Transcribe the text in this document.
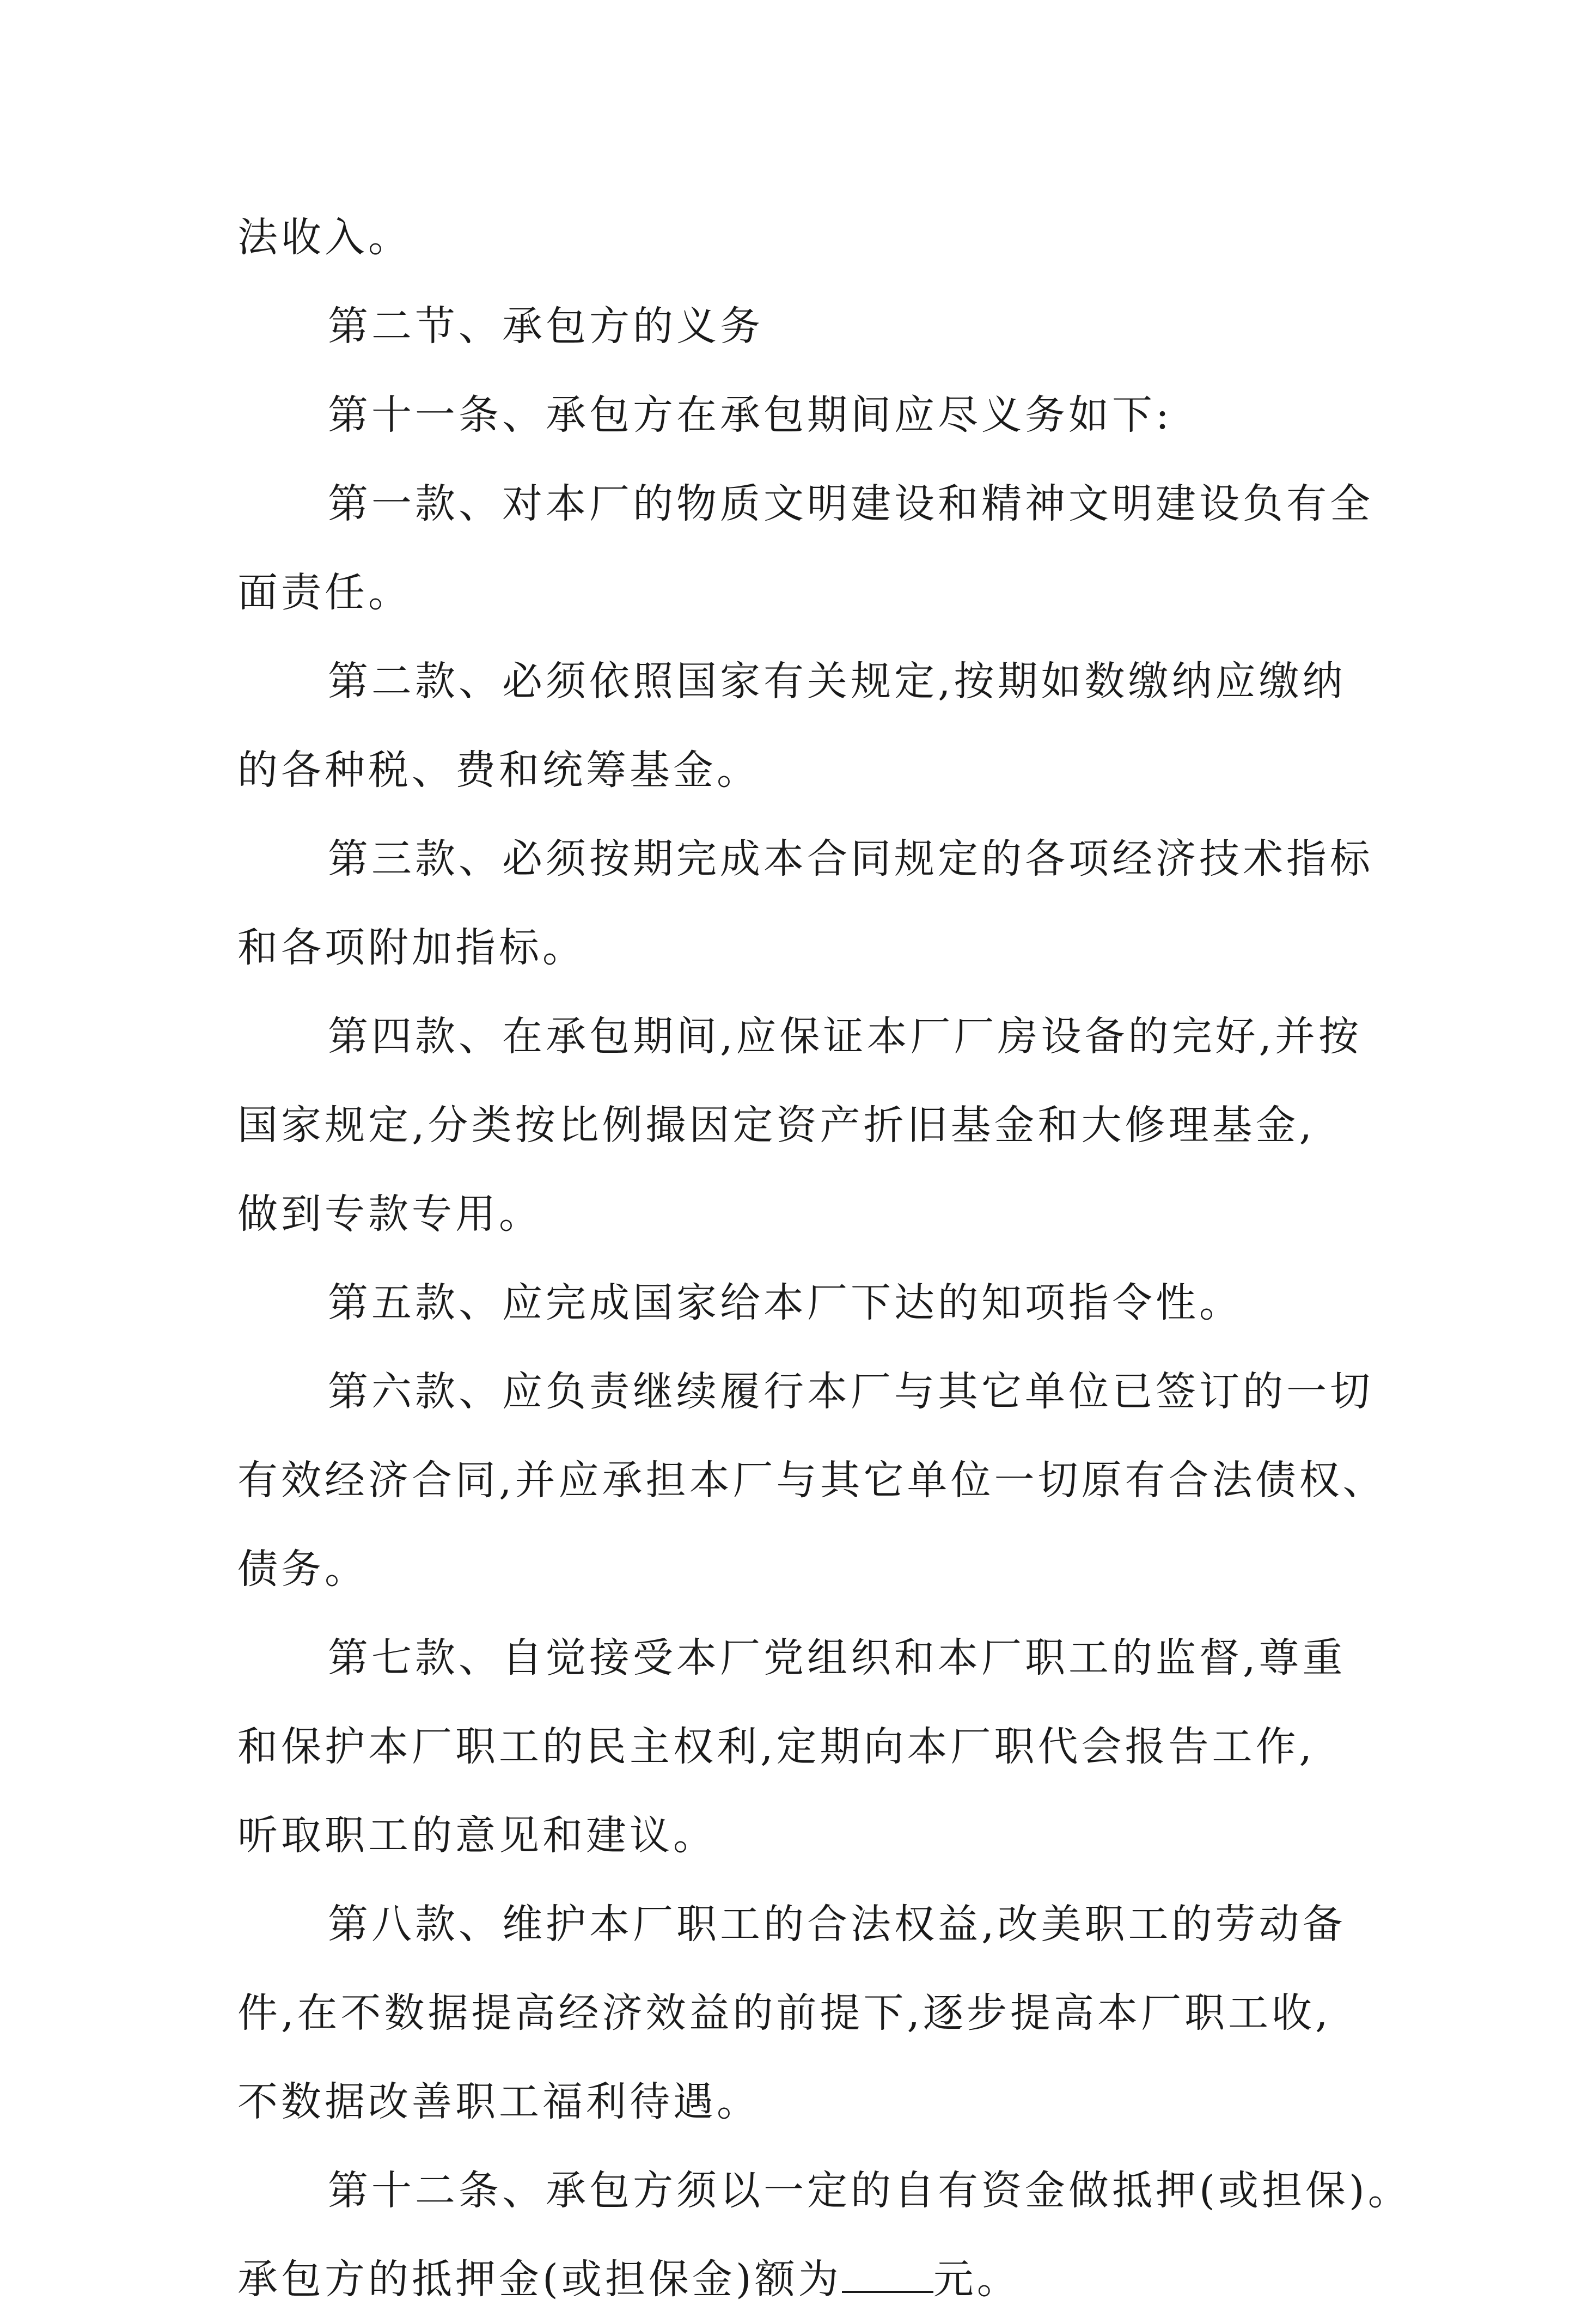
法收入。
第二节、承包方的义务
第十一条、承包方在承包期间应尽义务如下:
第一款、对本厂的物质文明建设和精神文明建设负有全
面责任。
第二款、必须依照国家有关规定,按期如数缴纳应缴纳
的各种税、费和统筹基金。
第三款、必须按期完成本合同规定的各项经济技术指标
和各项附加指标。
第四款、在承包期间,应保证本厂厂房设备的完好,并按
国家规定,分类按比例撮因定资产折旧基金和大修理基金,
做到专款专用。
第五款、应完成国家给本厂下达的知项指令性。
第六款、应负责继续履行本厂与其它单位已签订的一切
有效经济合同,并应承担本厂与其它单位一切原有合法债权、
债务。
第七款、自觉接受本厂党组织和本厂职工的监督,尊重
和保护本厂职工的民主权利,定期向本厂职代会报告工作,
听取职工的意见和建议。
第八款、维护本厂职工的合法权益,改美职工的劳动备
件,在不数据提高经济效益的前提下,逐步提高本厂职工收,
不数据改善职工福利待遇。
第十二条、承包方须以一定的自有资金做抵押(或担保)。
承包方的抵押金(或担保金)额为 元。
